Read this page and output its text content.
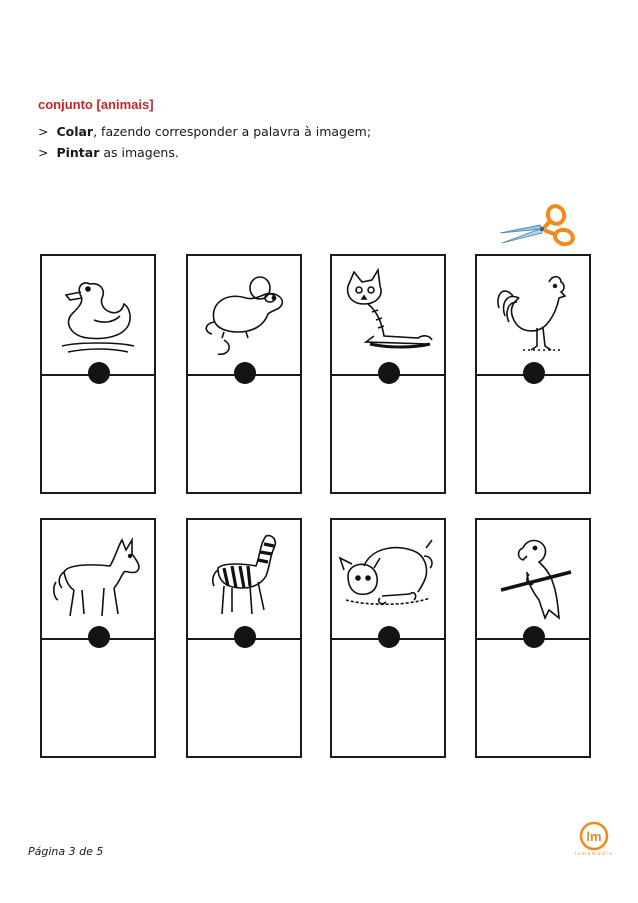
conjunto [animais]
> Colar, fazendo corresponder a palavra à imagem;
> Pintar as imagens.
Página 3 de 5
lm
lamamedia
